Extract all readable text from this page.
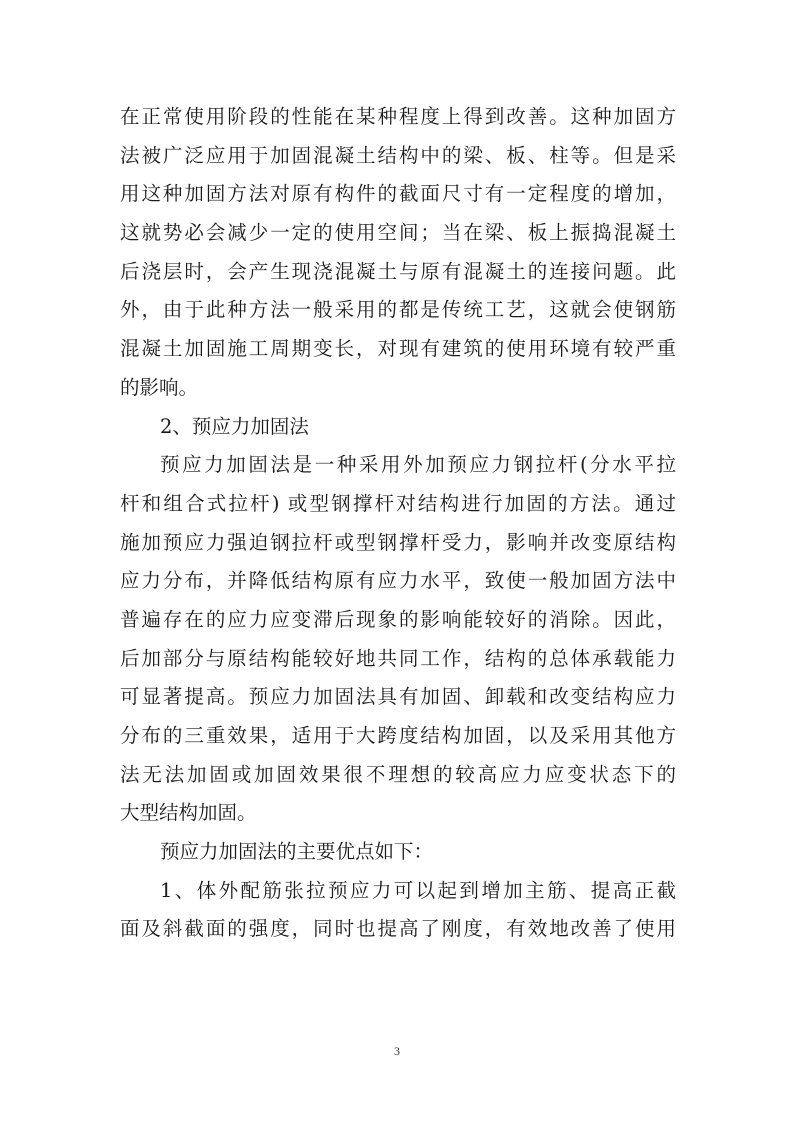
在正常使用阶段的性能在某种程度上得到改善。这种加固方
法被广泛应用于加固混凝土结构中的梁、板、柱等。但是采
用这种加固方法对原有构件的截面尺寸有一定程度的增加，
这就势必会减少一定的使用空间；当在梁、板上振捣混凝土
后浇层时，会产生现浇混凝土与原有混凝土的连接问题。此
外，由于此种方法一般采用的都是传统工艺，这就会使钢筋
混凝土加固施工周期变长，对现有建筑的使用环境有较严重
的影响。
2、预应力加固法
预应力加固法是一种采用外加预应力钢拉杆(分水平拉
杆和组合式拉杆) 或型钢撑杆对结构进行加固的方法。通过
施加预应力强迫钢拉杆或型钢撑杆受力，影响并改变原结构
应力分布，并降低结构原有应力水平，致使一般加固方法中
普遍存在的应力应变滞后现象的影响能较好的消除。因此，
后加部分与原结构能较好地共同工作，结构的总体承载能力
可显著提高。预应力加固法具有加固、卸载和改变结构应力
分布的三重效果，适用于大跨度结构加固，以及采用其他方
法无法加固或加固效果很不理想的较高应力应变状态下的
大型结构加固。
预应力加固法的主要优点如下：
1、体外配筋张拉预应力可以起到增加主筋、提高正截
面及斜截面的强度，同时也提高了刚度，有效地改善了使用
3
